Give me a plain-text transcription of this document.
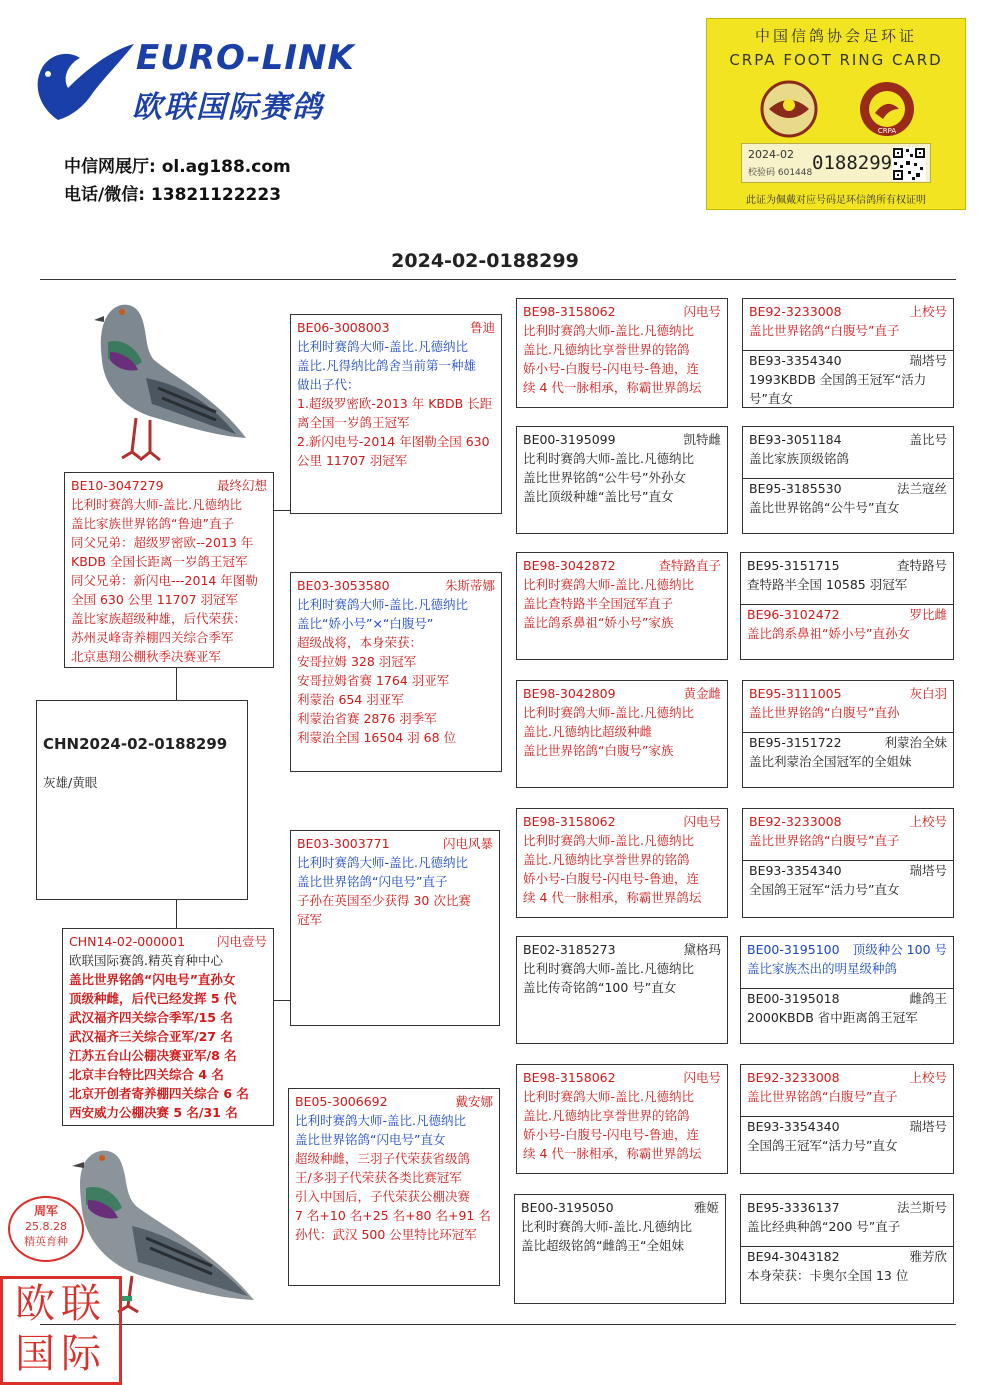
EURO-LINK
欧联国际赛鸽
中信网展厅: ol.ag188.com
电话/微信: 13821122223
中国信鸽协会足环证
CRPA FOOT RING CARD
CRPA
2024-02
校验码 601448 0188299
此证为佩戴对应号码足环信鸽所有权证明
2024-02-0188299
CHN2024-02-0188299
灰雄/黄眼
BE10-3047279	最终幻想
比利时赛鸽大师-盖比.凡德纳比
盖比家族世界铭鸽“鲁迪”直子
同父兄弟：超级罗密欧--2013 年
KBDB 全国长距离一岁鸽王冠军
同父兄弟：新闪电---2014 年图勒
全国 630 公里 11707 羽冠军
盖比家族超级种雄，后代荣获：
苏州灵峰寄养棚四关综合季军
北京惠翔公棚秋季决赛亚军
CHN14-02-000001	闪电壹号
欧联国际赛鸽.精英育种中心
盖比世界铭鸽“闪电号”直孙女
顶级种雌，后代已经发挥 5 代
武汉福齐四关综合季军/15 名
武汉福齐三关综合亚军/27 名
江苏五台山公棚决赛亚军/8 名
北京丰台特比四关综合 4 名
北京开创者寄养棚四关综合 6 名
西安威力公棚决赛 5 名/31 名
BE06-3008003	鲁迪
比利时赛鸽大师-盖比.凡德纳比
盖比.凡得纳比鸽舍当前第一种雄
做出子代：
1.超级罗密欧-2013 年 KBDB 长距
离全国一岁鸽王冠军
2.新闪电号-2014 年图勒全国 630
公里 11707 羽冠军
BE03-3053580	朱斯蒂娜
比利时赛鸽大师-盖比.凡德纳比
盖比“娇小号”×“白腹号”
超级战将，本身荣获：
安哥拉姆 328 羽冠军
安哥拉姆省赛 1764 羽亚军
利蒙治 654 羽亚军
利蒙治省赛 2876 羽季军
利蒙治全国 16504 羽 68 位
BE03-3003771	闪电风暴
比利时赛鸽大师-盖比.凡德纳比
盖比世界铭鸽“闪电号”直子
子孙在英国至少获得 30 次比赛
冠军
BE05-3006692	戴安娜
比利时赛鸽大师-盖比.凡德纳比
盖比世界铭鸽“闪电号”直女
超级种雌，三羽子代荣获省级鸽
王/多羽子代荣获各类比赛冠军
引入中国后，子代荣获公棚决赛
7 名+10 名+25 名+80 名+91 名
孙代：武汉 500 公里特比环冠军
BE98-3158062	闪电号
比利时赛鸽大师-盖比.凡德纳比
盖比.凡德纳比享誉世界的铭鸽
娇小号-白腹号-闪电号-鲁迪，连
续 4 代一脉相承，称霸世界鸽坛
BE00-3195099	凯特雌
比利时赛鸽大师-盖比.凡德纳比
盖比世界铭鸽“公牛号”外孙女
盖比顶级种雄“盖比号”直女
BE98-3042872	查特路直子
比利时赛鸽大师-盖比.凡德纳比
盖比查特路半全国冠军直子
盖比鸽系鼻祖“娇小号”家族
BE98-3042809	黄金雌
比利时赛鸽大师-盖比.凡德纳比
盖比.凡德纳比超级种雌
盖比世界铭鸽“白腹号”家族
BE98-3158062	闪电号
比利时赛鸽大师-盖比.凡德纳比
盖比.凡德纳比享誉世界的铭鸽
娇小号-白腹号-闪电号-鲁迪，连
续 4 代一脉相承，称霸世界鸽坛
BE02-3185273	黛格玛
比利时赛鸽大师-盖比.凡德纳比
盖比传奇铭鸽“100 号”直女
BE98-3158062	闪电号
比利时赛鸽大师-盖比.凡德纳比
盖比.凡德纳比享誉世界的铭鸽
娇小号-白腹号-闪电号-鲁迪，连
续 4 代一脉相承，称霸世界鸽坛
BE00-3195050	雅姬
比利时赛鸽大师-盖比.凡德纳比
盖比超级铭鸽“雌鸽王“全姐妹
BE92-3233008	上校号
盖比世界铭鸽“白腹号”直子
BE93-3354340	瑞塔号
1993KBDB 全国鸽王冠军“活力号”直女
BE93-3051184	盖比号
盖比家族顶级铭鸽
BE95-3185530	法兰寇丝
盖比世界铭鸽“公牛号”直女
BE95-3151715	查特路号
查特路半全国 10585 羽冠军
BE96-3102472	罗比雌
盖比鸽系鼻祖“娇小号”直孙女
BE95-3111005	灰白羽
盖比世界铭鸽“白腹号”直孙
BE95-3151722	利蒙治全妹
盖比利蒙治全国冠军的全姐妹
BE92-3233008	上校号
盖比世界铭鸽“白腹号”直子
BE93-3354340	瑞塔号
全国鸽王冠军“活力号”直女
BE00-3195100 顶级种公 100 号
盖比家族杰出的明星级种鸽
BE00-3195018	雌鸽王
2000KBDB 省中距离鸽王冠军
BE92-3233008	上校号
盖比世界铭鸽“白腹号”直子
BE93-3354340	瑞塔号
全国鸽王冠军“活力号”直女
BE95-3336137	法兰斯号
盖比经典种鸽“200 号”直子
BE94-3043182	雅芳欣
本身荣获：卡奥尔全国 13 位
周军
25.8.28
精英育种
欧联国际
